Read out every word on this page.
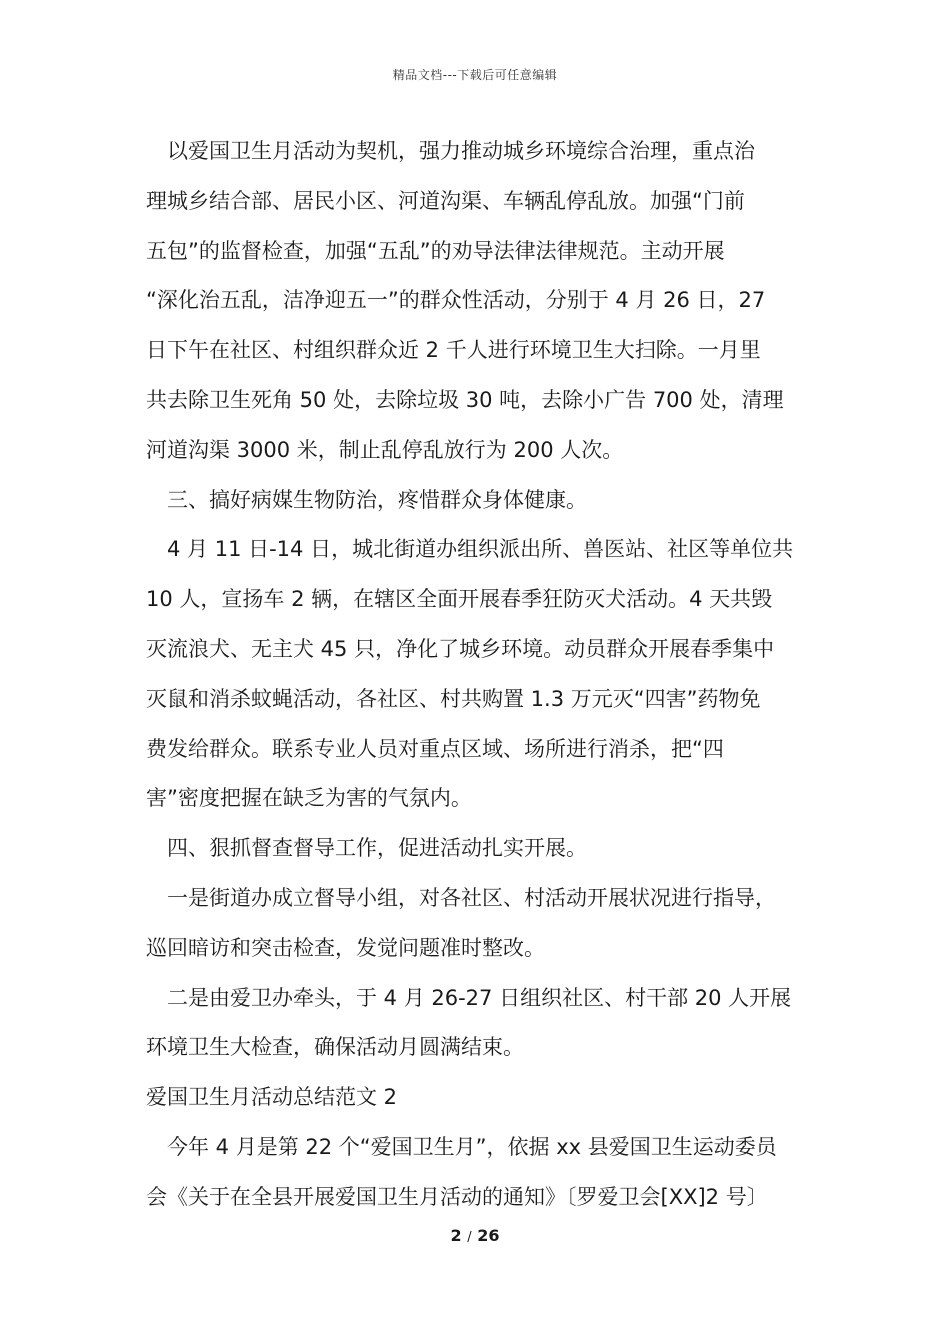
精品文档---下载后可任意编辑

　以爱国卫生月活动为契机，强力推动城乡环境综合治理，重点治

理城乡结合部、居民小区、河道沟渠、车辆乱停乱放。加强“门前

五包”的监督检查，加强“五乱”的劝导法律法律规范。主动开展

“深化治五乱，洁净迎五一”的群众性活动，分别于 4 月 26 日，27

日下午在社区、村组织群众近 2 千人进行环境卫生大扫除。一月里

共去除卫生死角 50 处，去除垃圾 30 吨，去除小广告 700 处，清理

河道沟渠 3000 米，制止乱停乱放行为 200 人次。

　三、搞好病媒生物防治，疼惜群众身体健康。

　4 月 11 日-14 日，城北街道办组织派出所、兽医站、社区等单位共

10 人，宣扬车 2 辆，在辖区全面开展春季狂防灭犬活动。4 天共毁

灭流浪犬、无主犬 45 只，净化了城乡环境。动员群众开展春季集中

灭鼠和消杀蚊蝇活动，各社区、村共购置 1.3 万元灭“四害”药物免

费发给群众。联系专业人员对重点区域、场所进行消杀，把“四

害”密度把握在缺乏为害的气氛内。

　四、狠抓督查督导工作，促进活动扎实开展。

　一是街道办成立督导小组，对各社区、村活动开展状况进行指导，

巡回暗访和突击检查，发觉问题准时整改。

　二是由爱卫办牵头，于 4 月 26-27 日组织社区、村干部 20 人开展

环境卫生大检查，确保活动月圆满结束。

爱国卫生月活动总结范文 2

　今年 4 月是第 22 个“爱国卫生月”，依据 xx 县爱国卫生运动委员

会《关于在全县开展爱国卫生月活动的通知》〔罗爱卫会[XX]2 号〕

2 / 26
